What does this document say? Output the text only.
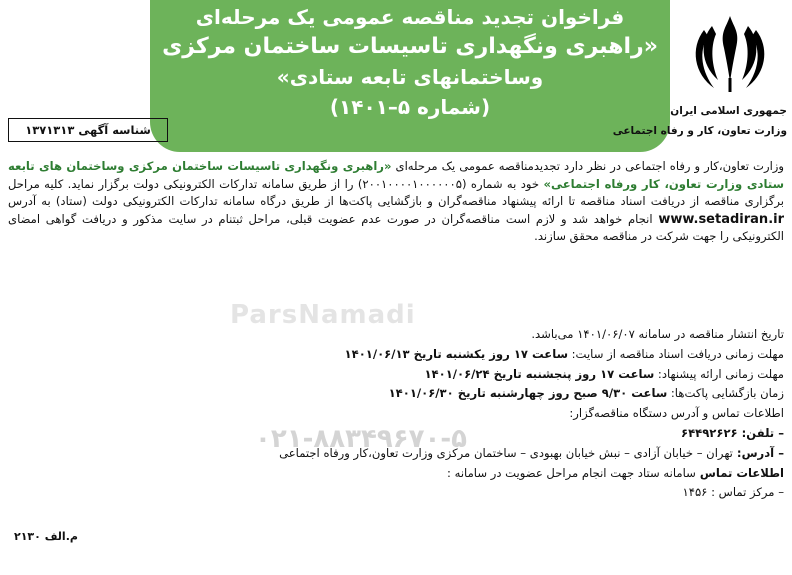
ParsNamadi
۰۲۱-۸۸۳۴۹۶۷۰-۵
فراخوان تجدید مناقصه عمومی یک مرحله‌ای
«راهبری ونگهداری تاسیسات ساختمان مرکزی
وساختمانهای تابعه ستادی»
(شماره ۵–۱۴۰۱)	جمهوری اسلامی ایران
وزارت تعاون، کار و رفاه اجتماعی
شناسه آگهی ۱۳۷۱۳۱۳

وزارت تعاون،کار و رفاه اجتماعی در نظر دارد تجدیدمناقصه عمومی یک مرحله‌ای «راهبری ونگهداری تاسیسات ساختمان مرکزی وساختمان های تابعه ستادی وزارت تعاون، کار ورفاه اجتماعی» خود به شماره (۲۰۰۱۰۰۰۰۱۰۰۰۰۰۰۵) را از طریق سامانه تدارکات الکترونیکی دولت برگزار نماید. کلیه مراحل برگزاری مناقصه از دریافت اسناد مناقصه تا ارائه پیشنهاد مناقصه‌گران و بازگشایی پاکت‌ها از طریق درگاه سامانه تدارکات الکترونیکی دولت (ستاد) به آدرس www.setadiran.ir انجام خواهد شد و لازم است مناقصه‌گران در صورت عدم عضویت قبلی، مراحل ثبتنام در سایت مذکور و دریافت گواهی امضای الکترونیکی را جهت شرکت در مناقصه محقق سازند.

تاریخ انتشار مناقصه در سامانه ۱۴۰۱/۰۶/۰۷ می‌باشد.
مهلت زمانی دریافت اسناد مناقصه از سایت: ساعت ۱۷ روز یکشنبه تاریخ ۱۴۰۱/۰۶/۱۳
مهلت زمانی ارائه پیشنهاد: ساعت ۱۷ روز پنجشنبه تاریخ ۱۴۰۱/۰۶/۲۴
زمان بازگشایی پاکت‌ها: ساعت ۹/۳۰ صبح روز چهارشنبه تاریخ ۱۴۰۱/۰۶/۳۰
اطلاعات تماس و آدرس دستگاه مناقصه‌گزار:
– تلفن: ۶۴۴۹۲۶۲۶
– آدرس: تهران – خیابان آزادی – نبش خیابان بهبودی – ساختمان مرکزی وزارت تعاون،کار ورفاه اجتماعی
اطلاعات تماس سامانه ستاد جهت انجام مراحل عضویت در سامانه :
– مرکز تماس : ۱۴۵۶
م.الف ۲۱۳۰
